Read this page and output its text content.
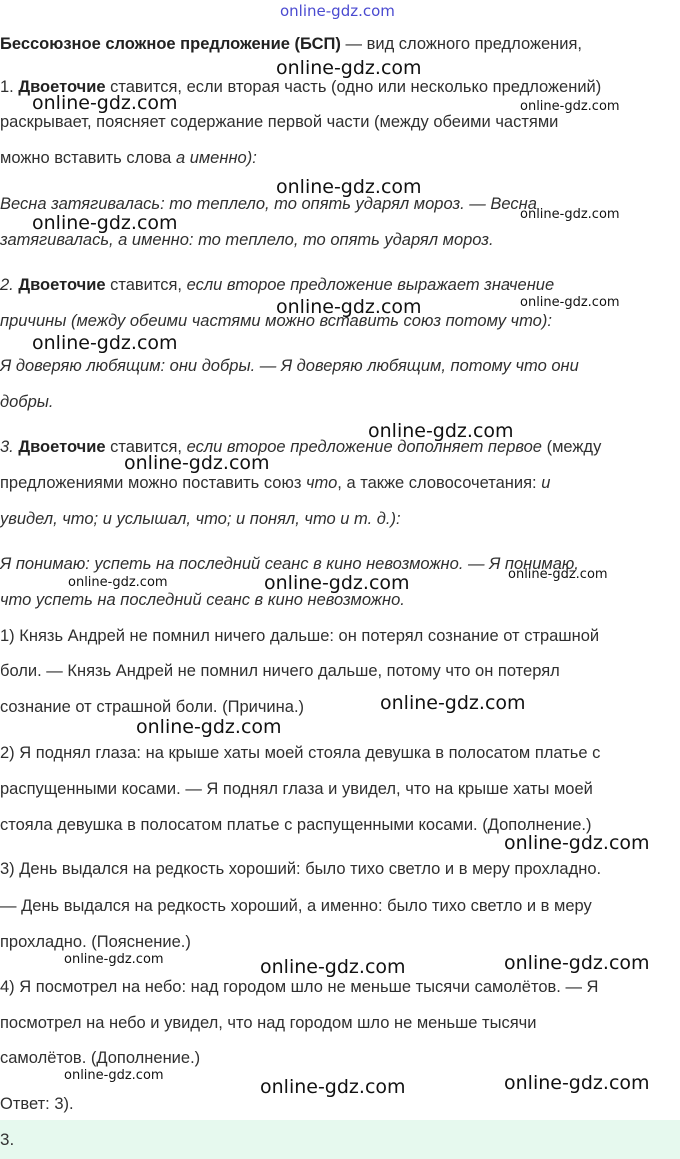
online-gdz.com
online-gdz.com
online-gdz.com	online-gdz.com
online-gdz.com
online-gdz.com	online-gdz.com
online-gdz.com	online-gdz.com
online-gdz.com
online-gdz.com
online-gdz.com
online-gdz.com
online-gdz.com	online-gdz.com
online-gdz.com
online-gdz.com
online-gdz.com
online-gdz.com	online-gdz.com	online-gdz.com
online-gdz.com
online-gdz.com	online-gdz.com
Бессоюзное сложное предложение (БСП) — вид сложного предложения,
1. Двоеточие ставится, если вторая часть (одно или несколько предложений)
раскрывает, поясняет содержание первой части (между обеими частями
можно вставить слова а именно):
Весна затягивалась: то теплело, то опять ударял мороз. — Весна
затягивалась, а именно: то теплело, то опять ударял мороз.
2. Двоеточие ставится, если второе предложение выражает значение
причины (между обеими частями можно вставить союз потому что):
Я доверяю любящим: они добры. — Я доверяю любящим, потому что они
добры.
3. Двоеточие ставится, если второе предложение дополняет первое (между
предложениями можно поставить союз что, а также словосочетания: и
увидел, что; и услышал, что; и понял, что и т. д.):
Я понимаю: успеть на последний сеанс в кино невозможно. — Я понимаю,
что успеть на последний сеанс в кино невозможно.
1) Князь Андрей не помнил ничего дальше: он потерял сознание от страшной
боли. — Князь Андрей не помнил ничего дальше, потому что он потерял
сознание от страшной боли. (Причина.)
2) Я поднял глаза: на крыше хаты моей стояла девушка в полосатом платье с
распущенными косами. — Я поднял глаза и увидел, что на крыше хаты моей
стояла девушка в полосатом платье с распущенными косами. (Дополнение.)
3) День выдался на редкость хороший: было тихо светло и в меру прохладно.
— День выдался на редкость хороший, а именно: было тихо светло и в меру
прохладно. (Пояснение.)
4) Я посмотрел на небо: над городом шло не меньше тысячи самолётов. — Я
посмотрел на небо и увидел, что над городом шло не меньше тысячи
самолётов. (Дополнение.)
Ответ: 3).
3.
